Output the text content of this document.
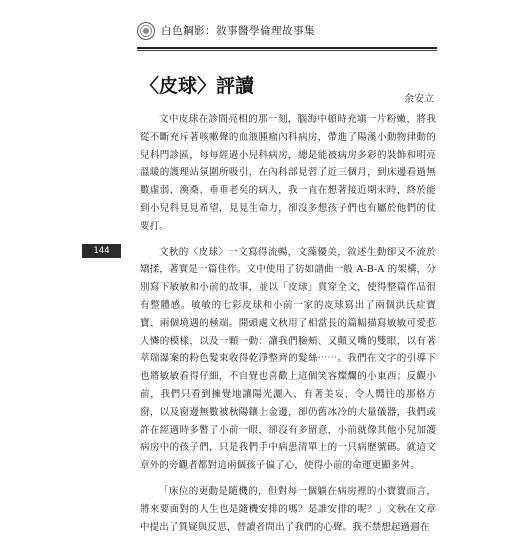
白色鋼影：敘事醫學倫理故事集
144
〈皮球〉評讀
余安立

文中皮球在診間亮相的那一刻，腦海中頓時充塡一片粉嫩，將我從不斷充斥著咳嗽聲的血液腫瘤內科病房，帶進了陽溪小動物律動的兒科門診區，每每經過小兒科病房，總是能被病房多彩的裝飾和明亮溫暖的護理站氛圍所吸引，在內科部見習了近三個月，到床邊看過無數虛弱、渙桑、垂垂老矣的病人，我一直在想著接近期末時，終於能到小兒科見見希望，見見生命力，卻沒多想孩子們也有屬於他們的仗要打。

文秋的〈皮球〉一文寫得流暢，文藻優美，敘述生動卻又不流於矯揉，著實是一篇佳作。文中使用了彷如譜曲一般 A-B-A 的架構，分別寫下敏敏和小前的故事，並以「皮球」貫穿全文，使得整篇作品很有整體感。敏敏的七彩皮球和小前一家的皮球寫出了兩個洪氏症寶寶、兩個境遇的極端。開頭處文秋用了相當長的篇幅描寫敏敏可愛惹人憐的模樣，以及一顆一動：讓我們臉頰、又顫又嘴的雙眼，以有著萃瑞瀑案的粉色髮束收得乾淨整齊的髮絲⋯⋯。我們在文字的引導下也將敏敏看得仔細，不自覺也喜歡上這個笑容燦爛的小東西；反觀小前，我們只看到擁覺地讓陽光灑入、有著美妄、令人嚮往的那格方窗，以及窗邊無數被秋陽鑲上金邊，卻仍舊冰冷的大量儀器，我們或許在經過時多瞥了小前一眼，卻沒有多留意，小前就像其他小兒加護病房中的孩子們，只是我們手中病患清單上的一只病歷號碼。就這文章外的旁觀者都對這兩個孩子偏了心，使得小前的命運更顯多舛。

「床位的更動是隨機的，但對每一個躺在病房裡的小寶寶而言，將來要面對的人生也是隨機安排的嗎？是誰安排的呢？」文秋在文章中提出了質疑與反思，替讀者問出了我們的心聲。我不禁想起過週在
